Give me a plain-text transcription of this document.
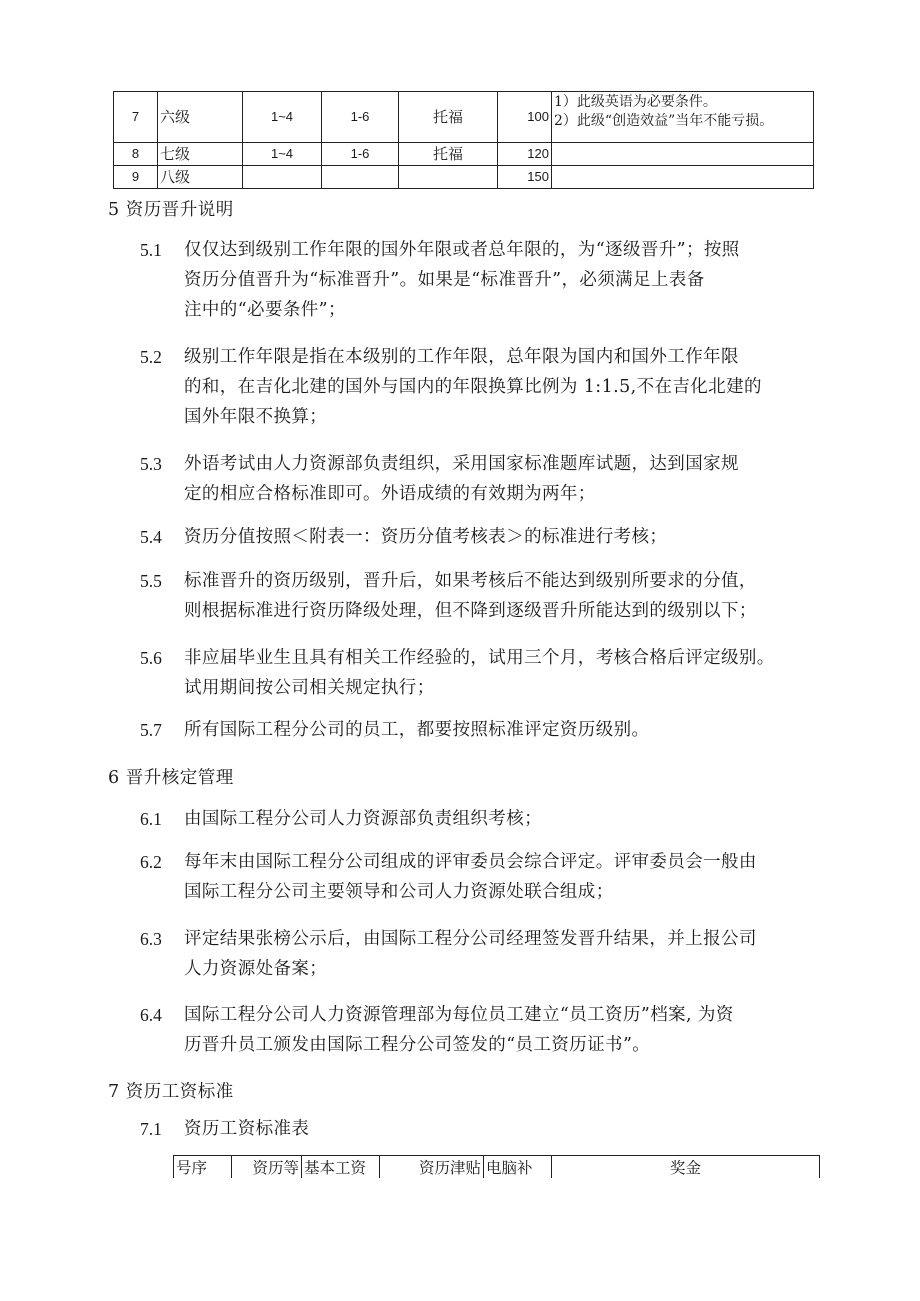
7	六级	1~4	1-6	托福	100	1）此级英语为必要条件。
2）此级“创造效益”当年不能亏损。

8	七级	1~4	1-6	托福	120	
9	八级				150	
5 资历晋升说明
5.1	仅仅达到级别工作年限的国外年限或者总年限的，为“逐级晋升”；按照
资历分值晋升为“标准晋升”。如果是“标准晋升”，必须满足上表备
注中的“必要条件”；
5.2	级别工作年限是指在本级别的工作年限，总年限为国内和国外工作年限
的和，在吉化北建的国外与国内的年限换算比例为 1:1.5,不在吉化北建的
国外年限不换算；
5.3	外语考试由人力资源部负责组织，采用国家标准题库试题，达到国家规
定的相应合格标准即可。外语成绩的有效期为两年；
5.4	资历分值按照＜附表一：资历分值考核表＞的标准进行考核；
5.5	标准晋升的资历级别，晋升后，如果考核后不能达到级别所要求的分值，
则根据标准进行资历降级处理，但不降到逐级晋升所能达到的级别以下；
5.6	非应届毕业生且具有相关工作经验的，试用三个月，考核合格后评定级别。
试用期间按公司相关规定执行；
5.7	所有国际工程分公司的员工，都要按照标准评定资历级别。
6 晋升核定管理
6.1	由国际工程分公司人力资源部负责组织考核；
6.2	每年末由国际工程分公司组成的评审委员会综合评定。评审委员会一般由
国际工程分公司主要领导和公司人力资源处联合组成；
6.3	评定结果张榜公示后，由国际工程分公司经理签发晋升结果，并上报公司
人力资源处备案；
6.4	国际工程分公司人力资源管理部为每位员工建立“员工资历”档案, 为资
历晋升员工颁发由国际工程分公司签发的“员工资历证书”。
7 资历工资标准
7.1	资历工资标准表
号序	资历等	基本工资	资历津贴	电脑补	奖金
